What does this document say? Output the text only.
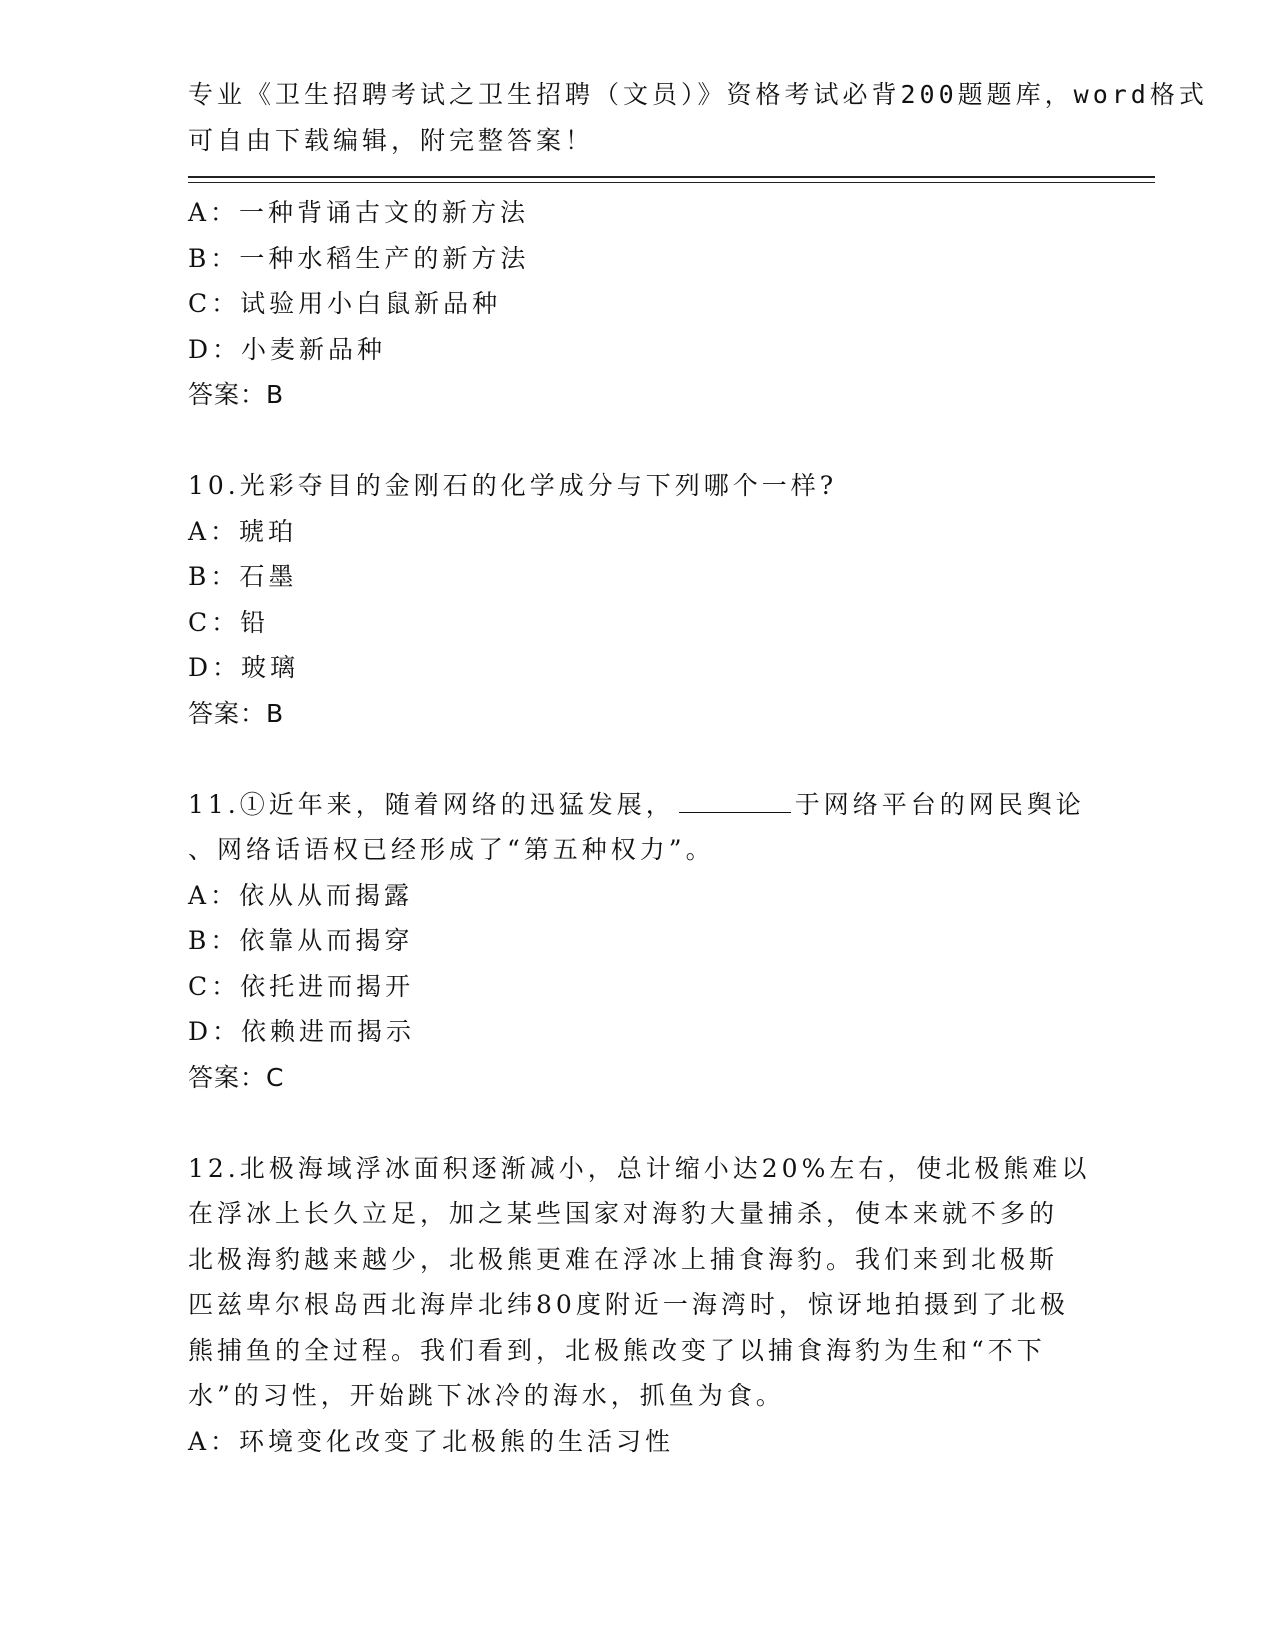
专业《卫生招聘考试之卫生招聘（文员）》资格考试必背200题题库，word格式
可自由下载编辑，附完整答案！
A：一种背诵古文的新方法
B：一种水稻生产的新方法
C：试验用小白鼠新品种
D：小麦新品种
答案：B
10.光彩夺目的金刚石的化学成分与下列哪个一样?
A：琥珀
B：石墨
C：铅
D：玻璃
答案：B
11.①近年来，随着网络的迅猛发展，	于网络平台的网民舆论
、网络话语权已经形成了“第五种权力”。
A：依从从而揭露
B：依靠从而揭穿
C：依托进而揭开
D：依赖进而揭示
答案：C
12.北极海域浮冰面积逐渐减小，总计缩小达20%左右，使北极熊难以
在浮冰上长久立足，加之某些国家对海豹大量捕杀，使本来就不多的
北极海豹越来越少，北极熊更难在浮冰上捕食海豹。我们来到北极斯
匹兹卑尔根岛西北海岸北纬80度附近一海湾时，惊讶地拍摄到了北极
熊捕鱼的全过程。我们看到，北极熊改变了以捕食海豹为生和“不下
水”的习性，开始跳下冰冷的海水，抓鱼为食。
A：环境变化改变了北极熊的生活习性
